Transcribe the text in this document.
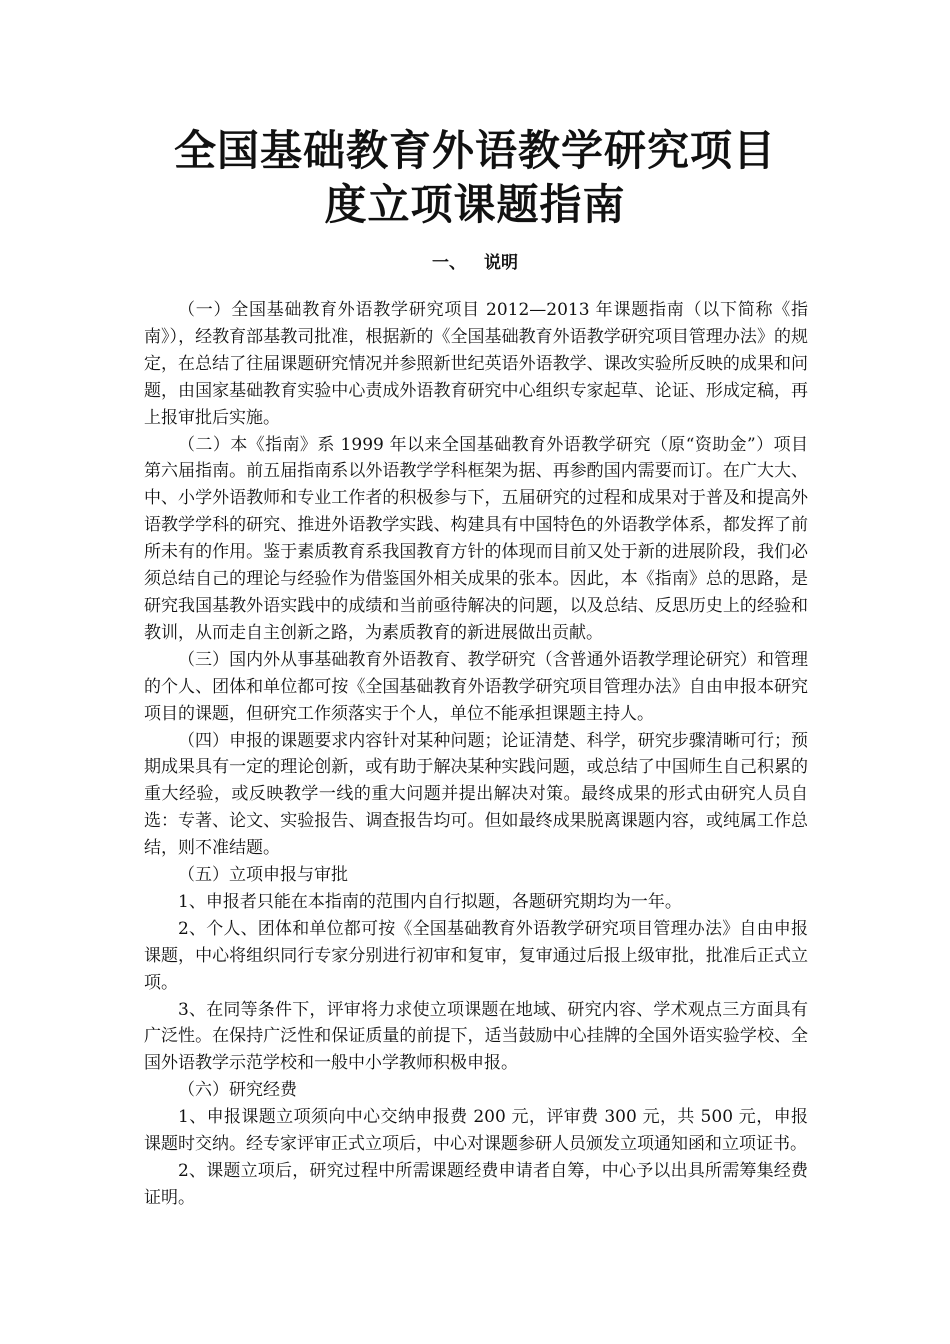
全国基础教育外语教学研究项目
度立项课题指南
一、 说明

（一）全国基础教育外语教学研究项目 2012—2013 年课题指南（以下简称《指南》），经教育部基教司批准，根据新的《全国基础教育外语教学研究项目管理办法》的规定，在总结了往届课题研究情况并参照新世纪英语外语教学、课改实验所反映的成果和问题，由国家基础教育实验中心责成外语教育研究中心组织专家起草、论证、形成定稿，再上报审批后实施。

（二）本《指南》系 1999 年以来全国基础教育外语教学研究（原“资助金”）项目第六届指南。前五届指南系以外语教学学科框架为据、再参酌国内需要而订。在广大大、中、小学外语教师和专业工作者的积极参与下，五届研究的过程和成果对于普及和提高外语教学学科的研究、推进外语教学实践、构建具有中国特色的外语教学体系，都发挥了前所未有的作用。鉴于素质教育系我国教育方针的体现而目前又处于新的进展阶段，我们必须总结自己的理论与经验作为借鉴国外相关成果的张本。因此，本《指南》总的思路，是研究我国基教外语实践中的成绩和当前亟待解决的问题，以及总结、反思历史上的经验和教训，从而走自主创新之路，为素质教育的新进展做出贡献。

（三）国内外从事基础教育外语教育、教学研究（含普通外语教学理论研究）和管理的个人、团体和单位都可按《全国基础教育外语教学研究项目管理办法》自由申报本研究项目的课题，但研究工作须落实于个人，单位不能承担课题主持人。

（四）申报的课题要求内容针对某种问题；论证清楚、科学，研究步骤清晰可行；预期成果具有一定的理论创新，或有助于解决某种实践问题，或总结了中国师生自己积累的重大经验，或反映教学一线的重大问题并提出解决对策。最终成果的形式由研究人员自选：专著、论文、实验报告、调查报告均可。但如最终成果脱离课题内容，或纯属工作总结，则不准结题。

（五）立项申报与审批

1、申报者只能在本指南的范围内自行拟题，各题研究期均为一年。

2、个人、团体和单位都可按《全国基础教育外语教学研究项目管理办法》自由申报课题，中心将组织同行专家分别进行初审和复审，复审通过后报上级审批，批准后正式立项。

3、在同等条件下，评审将力求使立项课题在地域、研究内容、学术观点三方面具有广泛性。在保持广泛性和保证质量的前提下，适当鼓励中心挂牌的全国外语实验学校、全国外语教学示范学校和一般中小学教师积极申报。

（六）研究经费

1、申报课题立项须向中心交纳申报费 200 元，评审费 300 元，共 500 元，申报课题时交纳。经专家评审正式立项后，中心对课题参研人员颁发立项通知函和立项证书。

2、课题立项后，研究过程中所需课题经费申请者自筹，中心予以出具所需筹集经费证明。
